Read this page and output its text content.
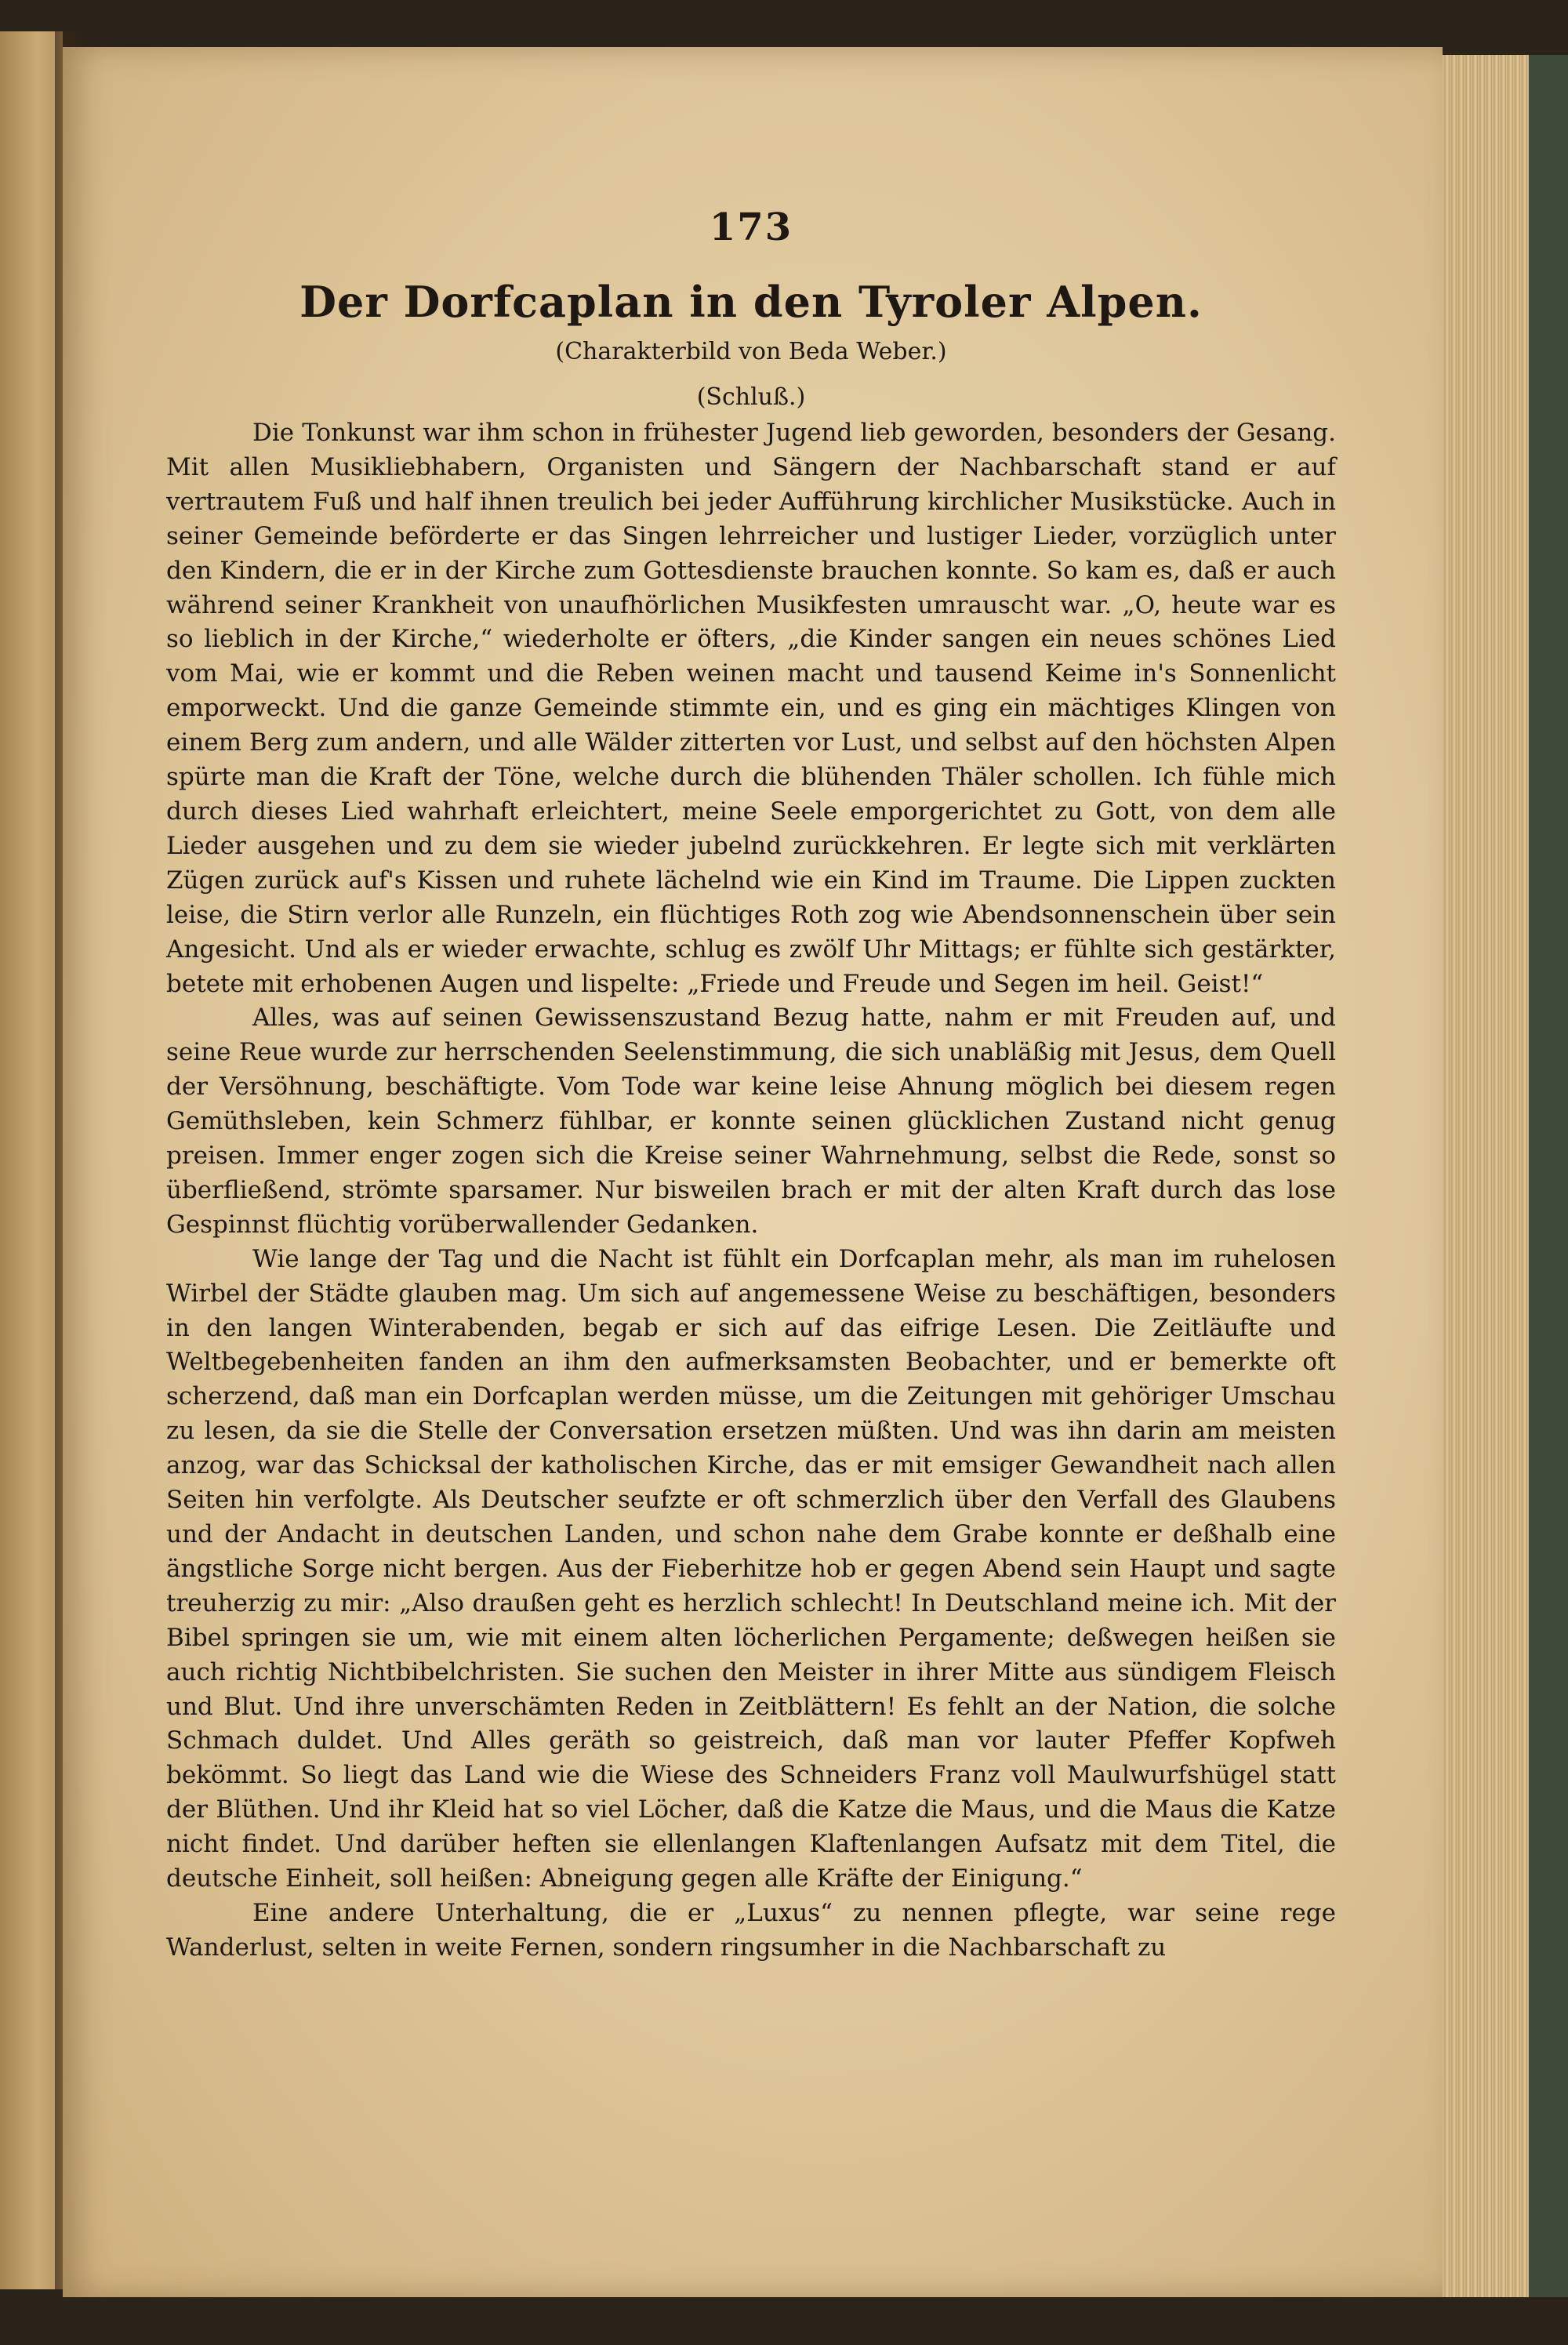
173
Der Dorfcaplan in den Tyroler Alpen.
(Charakterbild von Beda Weber.)
(Schluß.)

Die Tonkunst war ihm schon in frühester Jugend lieb geworden, besonders der Gesang. Mit allen Musikliebhabern, Organisten und Sängern der Nachbarschaft stand er auf vertrautem Fuß und half ihnen treulich bei jeder Aufführung kirchlicher Musikstücke. Auch in seiner Gemeinde beförderte er das Singen lehrreicher und lustiger Lieder, vorzüglich unter den Kindern, die er in der Kirche zum Gottesdienste brauchen konnte. So kam es, daß er auch während seiner Krankheit von unaufhörlichen Musikfesten umrauscht war. „O, heute war es so lieblich in der Kirche,“ wiederholte er öfters, „die Kinder sangen ein neues schönes Lied vom Mai, wie er kommt und die Reben weinen macht und tausend Keime in's Sonnenlicht emporweckt. Und die ganze Gemeinde stimmte ein, und es ging ein mächtiges Klingen von einem Berg zum andern, und alle Wälder zitterten vor Lust, und selbst auf den höchsten Alpen spürte man die Kraft der Töne, welche durch die blühenden Thäler schollen. Ich fühle mich durch dieses Lied wahrhaft erleichtert, meine Seele emporgerichtet zu Gott, von dem alle Lieder ausgehen und zu dem sie wieder jubelnd zurückkehren. Er legte sich mit verklärten Zügen zurück auf's Kissen und ruhete lächelnd wie ein Kind im Traume. Die Lippen zuckten leise, die Stirn verlor alle Runzeln, ein flüchtiges Roth zog wie Abendsonnenschein über sein Angesicht. Und als er wieder erwachte, schlug es zwölf Uhr Mittags; er fühlte sich gestärkter, betete mit erhobenen Augen und lispelte: „Friede und Freude und Segen im heil. Geist!“

Alles, was auf seinen Gewissenszustand Bezug hatte, nahm er mit Freuden auf, und seine Reue wurde zur herrschenden Seelenstimmung, die sich unabläßig mit Jesus, dem Quell der Versöhnung, beschäftigte. Vom Tode war keine leise Ahnung möglich bei diesem regen Gemüthsleben, kein Schmerz fühlbar, er konnte seinen glücklichen Zustand nicht genug preisen. Immer enger zogen sich die Kreise seiner Wahrnehmung, selbst die Rede, sonst so überfließend, strömte sparsamer. Nur bisweilen brach er mit der alten Kraft durch das lose Gespinnst flüchtig vorüberwallender Gedanken.

Wie lange der Tag und die Nacht ist fühlt ein Dorfcaplan mehr, als man im ruhelosen Wirbel der Städte glauben mag. Um sich auf angemessene Weise zu beschäftigen, besonders in den langen Winterabenden, begab er sich auf das eifrige Lesen. Die Zeitläufte und Weltbegebenheiten fanden an ihm den aufmerksamsten Beobachter, und er bemerkte oft scherzend, daß man ein Dorfcaplan werden müsse, um die Zeitungen mit gehöriger Umschau zu lesen, da sie die Stelle der Conversation ersetzen müßten. Und was ihn darin am meisten anzog, war das Schicksal der katholischen Kirche, das er mit emsiger Gewandheit nach allen Seiten hin verfolgte. Als Deutscher seufzte er oft schmerzlich über den Verfall des Glaubens und der Andacht in deutschen Landen, und schon nahe dem Grabe konnte er deßhalb eine ängstliche Sorge nicht bergen. Aus der Fieberhitze hob er gegen Abend sein Haupt und sagte treuherzig zu mir: „Also draußen geht es herzlich schlecht! In Deutschland meine ich. Mit der Bibel springen sie um, wie mit einem alten löcherlichen Pergamente; deßwegen heißen sie auch richtig Nichtbibelchristen. Sie suchen den Meister in ihrer Mitte aus sündigem Fleisch und Blut. Und ihre unverschämten Reden in Zeitblättern! Es fehlt an der Nation, die solche Schmach duldet. Und Alles geräth so geistreich, daß man vor lauter Pfeffer Kopfweh bekömmt. So liegt das Land wie die Wiese des Schneiders Franz voll Maulwurfshügel statt der Blüthen. Und ihr Kleid hat so viel Löcher, daß die Katze die Maus, und die Maus die Katze nicht findet. Und darüber heften sie ellenlangen Klaftenlangen Aufsatz mit dem Titel, die deutsche Einheit, soll heißen: Abneigung gegen alle Kräfte der Einigung.“

Eine andere Unterhaltung, die er „Luxus“ zu nennen pflegte, war seine rege Wanderlust, selten in weite Fernen, sondern ringsumher in die Nachbarschaft zu
